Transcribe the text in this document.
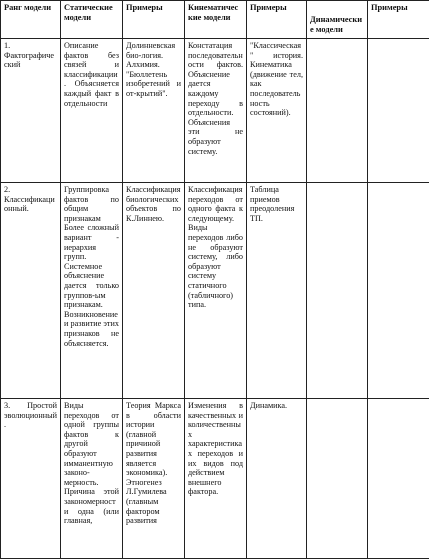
Ранг модели	Статические модели	Примеры	Кинематические модели	Примеры	Динамические модели	Примеры
1. Фактографический	Описание фактов без связей и классификации. Объясняется каждый факт в отдельности	Долинневская био-логия. Алхимия. "Бюллетень изобретений и от-крытий".	Констатация последовательности фактов. Объяснение дается каждому переходу в отдельности. Объяснения эти не образуют систему.	"Классическая" история. Кинематика (движение тел, как последовательность состояний).		
2. Классификационный.	Группировка фактов по общим признакам Более сложный вариант - иерархия групп. Системное объяснение дается только группов-ым признакам. Возникновение и развитие этих признаков не объясняется.	Классификация биологических объектов по К.Линнею.	Классификация переходов от одного факта к следующему. Виды переходов либо не образуют систему, либо образуют систему статичного (табличного) типа.	Таблица приемов преодоления ТП.		
3. Простой эволюционный.	Виды переходов от одной группы фактов к другой образуют имманентную законо-мерность. Причина этой закономерности одна (или главная,	Теория Маркса в области истории (главной причиной развития является экономика). Этногенез Л.Гумилева (главным фактором развития	Изменения в качественных и количественных характеристиках переходов и их видов под действием внешнего фактора.	Динамика.		
